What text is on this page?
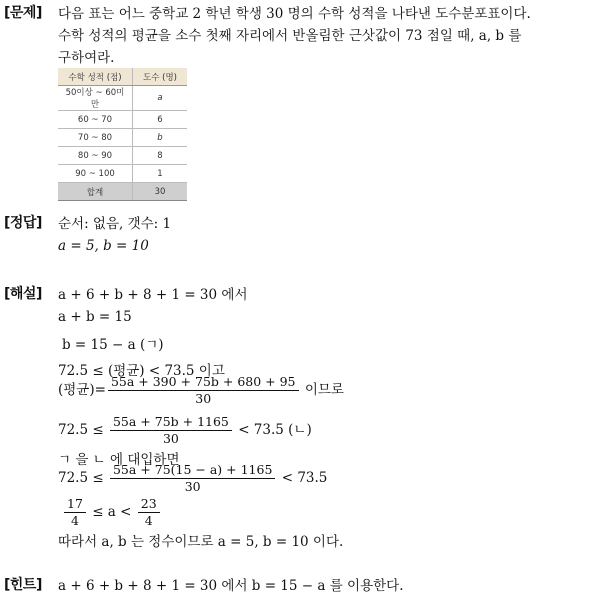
[문제] 다음 표는 어느 중학교 2 학년 학생 30 명의 수학 성적을 나타낸 도수분포표이다.
수학 성적의 평균을 소수 첫째 자리에서 반올림한 근삿값이 73 점일 때, a, b 를
구하여라.
수학 성적 (점)	도수 (명)
50이상 ~ 60미만	a
60 ~ 70	6
70 ~ 80	b
80 ~ 90	8
90 ~ 100	1
합계	30
[정답] 순서: 없음, 갯수: 1
a = 5, b = 10
[해설] a + 6 + b + 8 + 1 = 30 에서
a + b = 15
b = 15 − a (ㄱ)
72.5 ≤ (평균) < 73.5 이고
(평균)= $\frac{55a + 390 + 75b + 680 + 95}{30}$ 이므로
$72.5 \le \frac{55a + 75b + 1165}{30} < 73.5$ (ㄴ)
ㄱ 을 ㄴ 에 대입하면
$72.5 \le \frac{55a + 75(15 - a) + 1165}{30} < 73.5$
$\frac{17}{4} \le a < \frac{23}{4}$
따라서 a, b 는 정수이므로 a = 5, b = 10 이다.
[힌트] a + 6 + b + 8 + 1 = 30 에서 b = 15 − a 를 이용한다.
